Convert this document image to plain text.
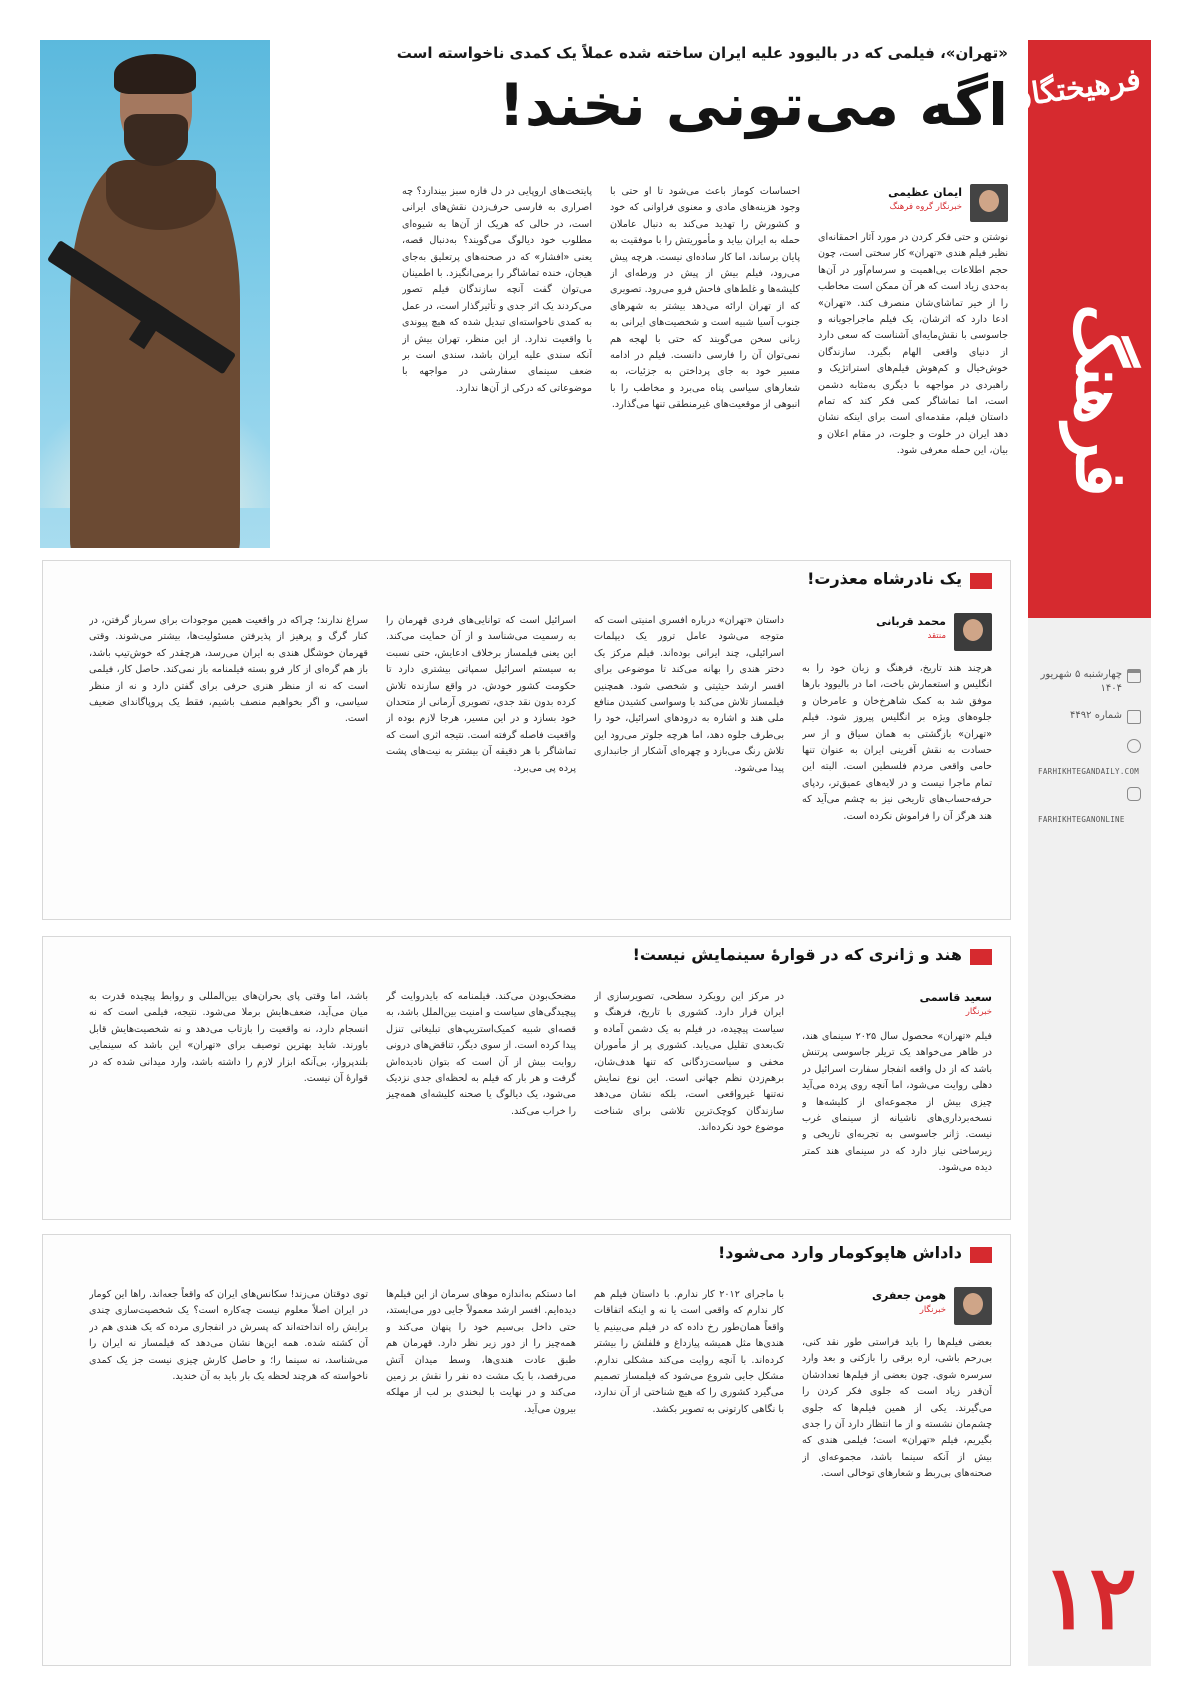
فرهیختگان
فرهنگ
چهارشنبه ۵ شهریور ۱۴۰۴
شماره ۴۴۹۲
FARHIKHTEGANDAILY.COM
FARHIKHTEGANONLINE
۱۲
«تهران»، فیلمی که در بالیوود علیه ایران ساخته شده عملاً یک کمدی ناخواسته است
اگه می‌تونی نخند!
ایمان عظیمی
خبرنگار گروه فرهنگ
نوشتن و حتی فکر کردن در مورد آثار احمقانه‌ای نظیر فیلم هندی «تهران» کار سختی است، چون حجم اطلاعات بی‌اهمیت و سرسام‌آور در آن‌ها به‌حدی زیاد است که هر آن ممکن است مخاطب را از خیر تماشای‌شان منصرف کند. «تهران» ادعا دارد که اثرشان، یک فیلم ماجراجویانه و جاسوسی با نقش‌مایه‌ای آشناست که سعی دارد از دنیای واقعی الهام بگیرد. سازندگان خوش‌خیال و کم‌هوش فیلم‌های استراتژیک و راهبردی در مواجهه با دیگری به‌مثابه دشمن است، اما تماشاگر کمی فکر کند که تمام داستان فیلم، مقدمه‌ای است برای اینکه نشان دهد ایران در خلوت و جلوت، در مقام اعلان و بیان، این حمله معرفی شود.
احساسات کوماز باعث می‌شود تا او حتی با وجود هزینه‌های مادی و معنوی فراوانی که خود و کشورش را تهدید می‌کند به دنبال عاملان حمله به ایران بیاید و مأموریتش را با موفقیت به پایان برساند، اما کار ساده‌ای نیست. هرچه پیش می‌رود، فیلم بیش از پیش در ورطه‌ای از کلیشه‌ها و غلط‌های فاحش فرو می‌رود. تصویری که از تهران ارائه می‌دهد بیشتر به شهرهای جنوب آسیا شبیه است و شخصیت‌های ایرانی به زبانی سخن می‌گویند که حتی با لهجه هم نمی‌توان آن را فارسی دانست. فیلم در ادامه مسیر خود به جای پرداختن به جزئیات، به شعارهای سیاسی پناه می‌برد و مخاطب را با انبوهی از موقعیت‌های غیرمنطقی تنها می‌گذارد.
پایتخت‌های اروپایی در دل فازه سبز بیندازد؟ چه اصراری به فارسی حرف‌زدن نقش‌های ایرانی است، در حالی که هریک از آن‌ها به شیوه‌ای مطلوب خود دیالوگ می‌گویند؟ به‌دنبال قصه، یعنی «افشار» که در صحنه‌های پرتعلیق به‌جای هیجان، خنده تماشاگر را برمی‌انگیزد. با اطمینان می‌توان گفت آنچه سازندگان فیلم تصور می‌کردند یک اثر جدی و تأثیرگذار است، در عمل به کمدی ناخواسته‌ای تبدیل شده که هیچ پیوندی با واقعیت ندارد. از این منظر، تهران بیش از آنکه سندی علیه ایران باشد، سندی است بر ضعف سینمای سفارشی در مواجهه با موضوعاتی که درکی از آن‌ها ندارد.
یک نادرشاه معذرت!
محمد قربانی
منتقد
هرچند هند تاریخ، فرهنگ و زبان خود را به انگلیس و استعمارش باخت، اما در بالیوود بارها موفق شد به کمک شاهرخ‌خان و عامرخان و جلوه‌های ویژه بر انگلیس پیروز شود. فیلم «تهران» بازگشتی به همان سیاق و از سر حسادت به نقش آفرینی ایران به عنوان تنها حامی واقعی مردم فلسطین است. البته این تمام ماجرا نیست و در لایه‌های عمیق‌تر، ردپای حرفه‌حساب‌های تاریخی نیز به چشم می‌آید که هند هرگز آن را فراموش نکرده است.
داستان «تهران» درباره افسری امنیتی است که متوجه می‌شود عامل ترور یک دیپلمات اسرائیلی، چند ایرانی بوده‌اند. فیلم مرکز یک دختر هندی را بهانه می‌کند تا موضوعی برای افسر ارشد حیثیتی و شخصی شود. همچنین فیلمساز تلاش می‌کند با وسواسی کشیدن منافع ملی هند و اشاره به درودهای اسرائیل، خود را بی‌طرف جلوه دهد، اما هرچه جلوتر می‌رود این تلاش رنگ می‌بازد و چهره‌ای آشکار از جانبداری پیدا می‌شود.
اسرائیل است که توانایی‌های فردی قهرمان را به رسمیت می‌شناسد و از آن حمایت می‌کند. این یعنی فیلمساز برخلاف ادعایش، حتی نسبت به سیستم اسرائیل سمپاتی بیشتری دارد تا حکومت کشور خودش. در واقع سازنده تلاش کرده بدون نقد جدی، تصویری آرمانی از متحدان خود بسازد و در این مسیر، هرجا لازم بوده از واقعیت فاصله گرفته است. نتیجه اثری است که تماشاگر با هر دقیقه آن بیشتر به نیت‌های پشت پرده پی می‌برد.
سراغ ندارند؛ چراکه در واقعیت همین موجودات برای سرباز گرفتن، در کنار گرگ و پرهیز از پذیرفتن مسئولیت‌ها، بیشتر می‌شوند. وقتی قهرمان خوشگل هندی به ایران می‌رسد، هرچقدر که خوش‌تیپ باشد، باز هم گره‌ای از کار فرو بسته فیلمنامه باز نمی‌کند. حاصل کار، فیلمی است که نه از منظر هنری حرفی برای گفتن دارد و نه از منظر سیاسی، و اگر بخواهیم منصف باشیم، فقط یک پروپاگاندای ضعیف است.
هند و ژانری که در قوارۀ سینمایش نیست!
سعید قاسمی
خبرنگار
فیلم «تهران» محصول سال ۲۰۲۵ سینمای هند، در ظاهر می‌خواهد یک تریلر جاسوسی پرتنش باشد که از دل واقعه انفجار سفارت اسرائیل در دهلی روایت می‌شود، اما آنچه روی پرده می‌آید چیزی بیش از مجموعه‌ای از کلیشه‌ها و نسخه‌برداری‌های ناشیانه از سینمای غرب نیست. ژانر جاسوسی به تجربه‌ای تاریخی و زیرساختی نیاز دارد که در سینمای هند کمتر دیده می‌شود.
در مرکز این رویکرد سطحی، تصویرسازی از ایران قرار دارد. کشوری با تاریخ، فرهنگ و سیاست پیچیده، در فیلم به یک دشمن آماده و تک‌بعدی تقلیل می‌یابد. کشوری پر از مأموران مخفی و سیاست‌زدگانی که تنها هدف‌شان، برهم‌زدن نظم جهانی است. این نوع نمایش نه‌تنها غیرواقعی است، بلکه نشان می‌دهد سازندگان کوچک‌ترین تلاشی برای شناخت موضوع خود نکرده‌اند.
مضحک‌بودن می‌کند. فیلمنامه که بایدروایت گر پیچیدگی‌های سیاست و امنیت بین‌الملل باشد، به قصه‌ای شبیه کمیک‌استریپ‌های تبلیغاتی تنزل پیدا کرده است. از سوی دیگر، تناقض‌های درونی روایت بیش از آن است که بتوان نادیده‌اش گرفت و هر بار که فیلم به لحظه‌ای جدی نزدیک می‌شود، یک دیالوگ یا صحنه کلیشه‌ای همه‌چیز را خراب می‌کند.
باشد، اما وقتی پای بحران‌های بین‌المللی و روابط پیچیده قدرت به میان می‌آید، ضعف‌هایش برملا می‌شود. نتیجه، فیلمی است که نه انسجام دارد، نه واقعیت را بازتاب می‌دهد و نه شخصیت‌هایش قابل باورند. شاید بهترین توصیف برای «تهران» این باشد که سینمایی بلندپرواز، بی‌آنکه ابزار لازم را داشته باشد، وارد میدانی شده که در قوارۀ آن نیست.
داداش هاپوکومار وارد می‌شود!
هومن جعفری
خبرنگار
بعضی فیلم‌ها را باید فراستی طور نقد کنی، بی‌رحم باشی، اره برقی را بازکنی و بعد وارد سرسره شوی. چون بعضی از فیلم‌ها تعدادشان آن‌قدر زیاد است که جلوی فکر کردن را می‌گیرند. یکی از همین فیلم‌ها که جلوی چشم‌مان نشسته و از ما انتظار دارد آن را جدی بگیریم، فیلم «تهران» است؛ فیلمی هندی که بیش از آنکه سینما باشد، مجموعه‌ای از صحنه‌های بی‌ربط و شعارهای توخالی است.
با ماجرای ۲۰۱۲ کار ندارم. با داستان فیلم هم کار ندارم که واقعی است یا نه و اینکه اتفاقات واقعاً همان‌طور رخ داده که در فیلم می‌بینیم یا هندی‌ها مثل همیشه پیازداغ و فلفلش را بیشتر کرده‌اند. با آنچه روایت می‌کند مشکلی ندارم. مشکل جایی شروع می‌شود که فیلمساز تصمیم می‌گیرد کشوری را که هیچ شناختی از آن ندارد، با نگاهی کارتونی به تصویر بکشد.
اما دستکم به‌اندازه موهای سرمان از این فیلم‌ها دیده‌ایم. افسر ارشد معمولاً جایی دور می‌ایستد، حتی داخل بی‌سیم خود را پنهان می‌کند و همه‌چیز را از دور زیر نظر دارد. قهرمان هم طبق عادت هندی‌ها، وسط میدان آتش می‌رقصد، با یک مشت ده نفر را نقش بر زمین می‌کند و در نهایت با لبخندی بر لب از مهلکه بیرون می‌آید.
توی دوقتان می‌زند! سکانس‌های ایران که واقعاً جعه‌اند. راها این کومار در ایران اصلاً معلوم نیست چه‌کاره است؟ یک شخصیت‌سازی چندی برایش راه انداخته‌اند که پسرش در انفجاری مرده که یک هندی هم در آن کشته شده. همه این‌ها نشان می‌دهد که فیلمساز نه ایران را می‌شناسد، نه سینما را؛ و حاصل کارش چیزی نیست جز یک کمدی ناخواسته که هرچند لحظه یک بار باید به آن خندید.
